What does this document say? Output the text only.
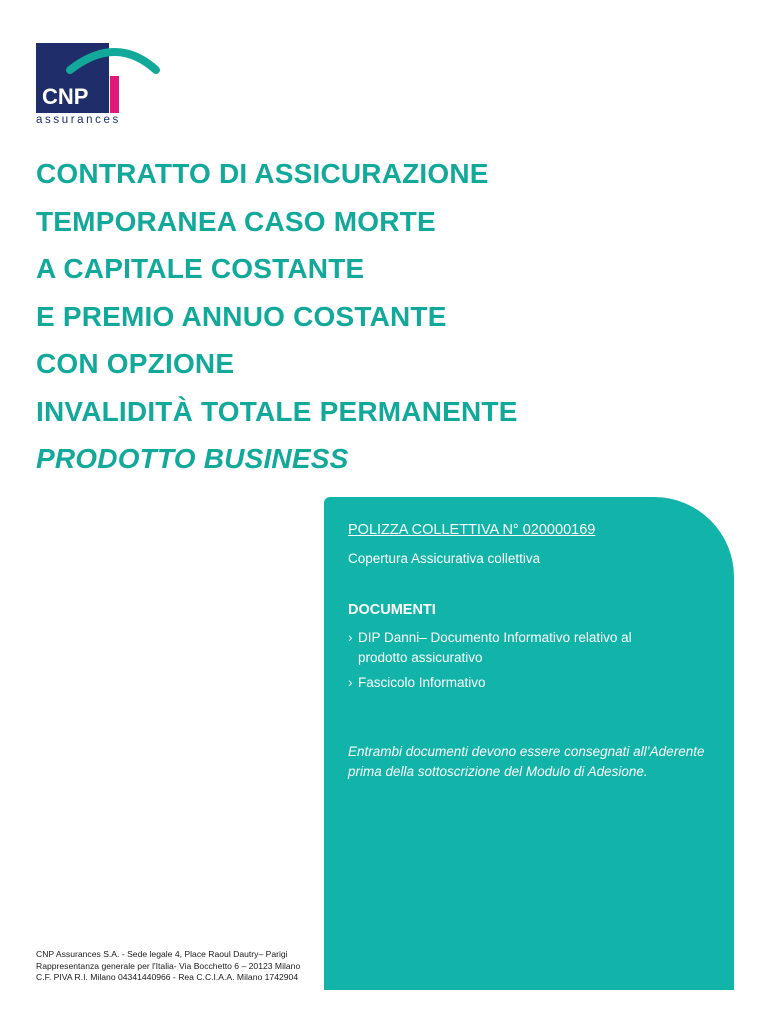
CNP
assurances
CONTRATTO DI ASSICURAZIONE
TEMPORANEA CASO MORTE
A CAPITALE COSTANTE
E PREMIO ANNUO COSTANTE
CON OPZIONE
INVALIDITÀ TOTALE PERMANENTE
PRODOTTO BUSINESS
POLIZZA COLLETTIVA N° 020000169
Copertura Assicurativa collettiva
DOCUMENTI
› DIP Danni– Documento Informativo relativo al prodotto assicurativo
› Fascicolo Informativo

Entrambi documenti devono essere consegnati all’Aderente prima della sottoscrizione del Modulo di Adesione.

CNP Assurances S.A. - Sede legale 4, Place Raoul Dautry– Parigi
Rappresentanza generale per l'Italia- Via Bocchetto 6 – 20123 Milano
C.F. PIVA R.I. Milano 04341440966 - Rea C.C.I.A.A. Milano 1742904
